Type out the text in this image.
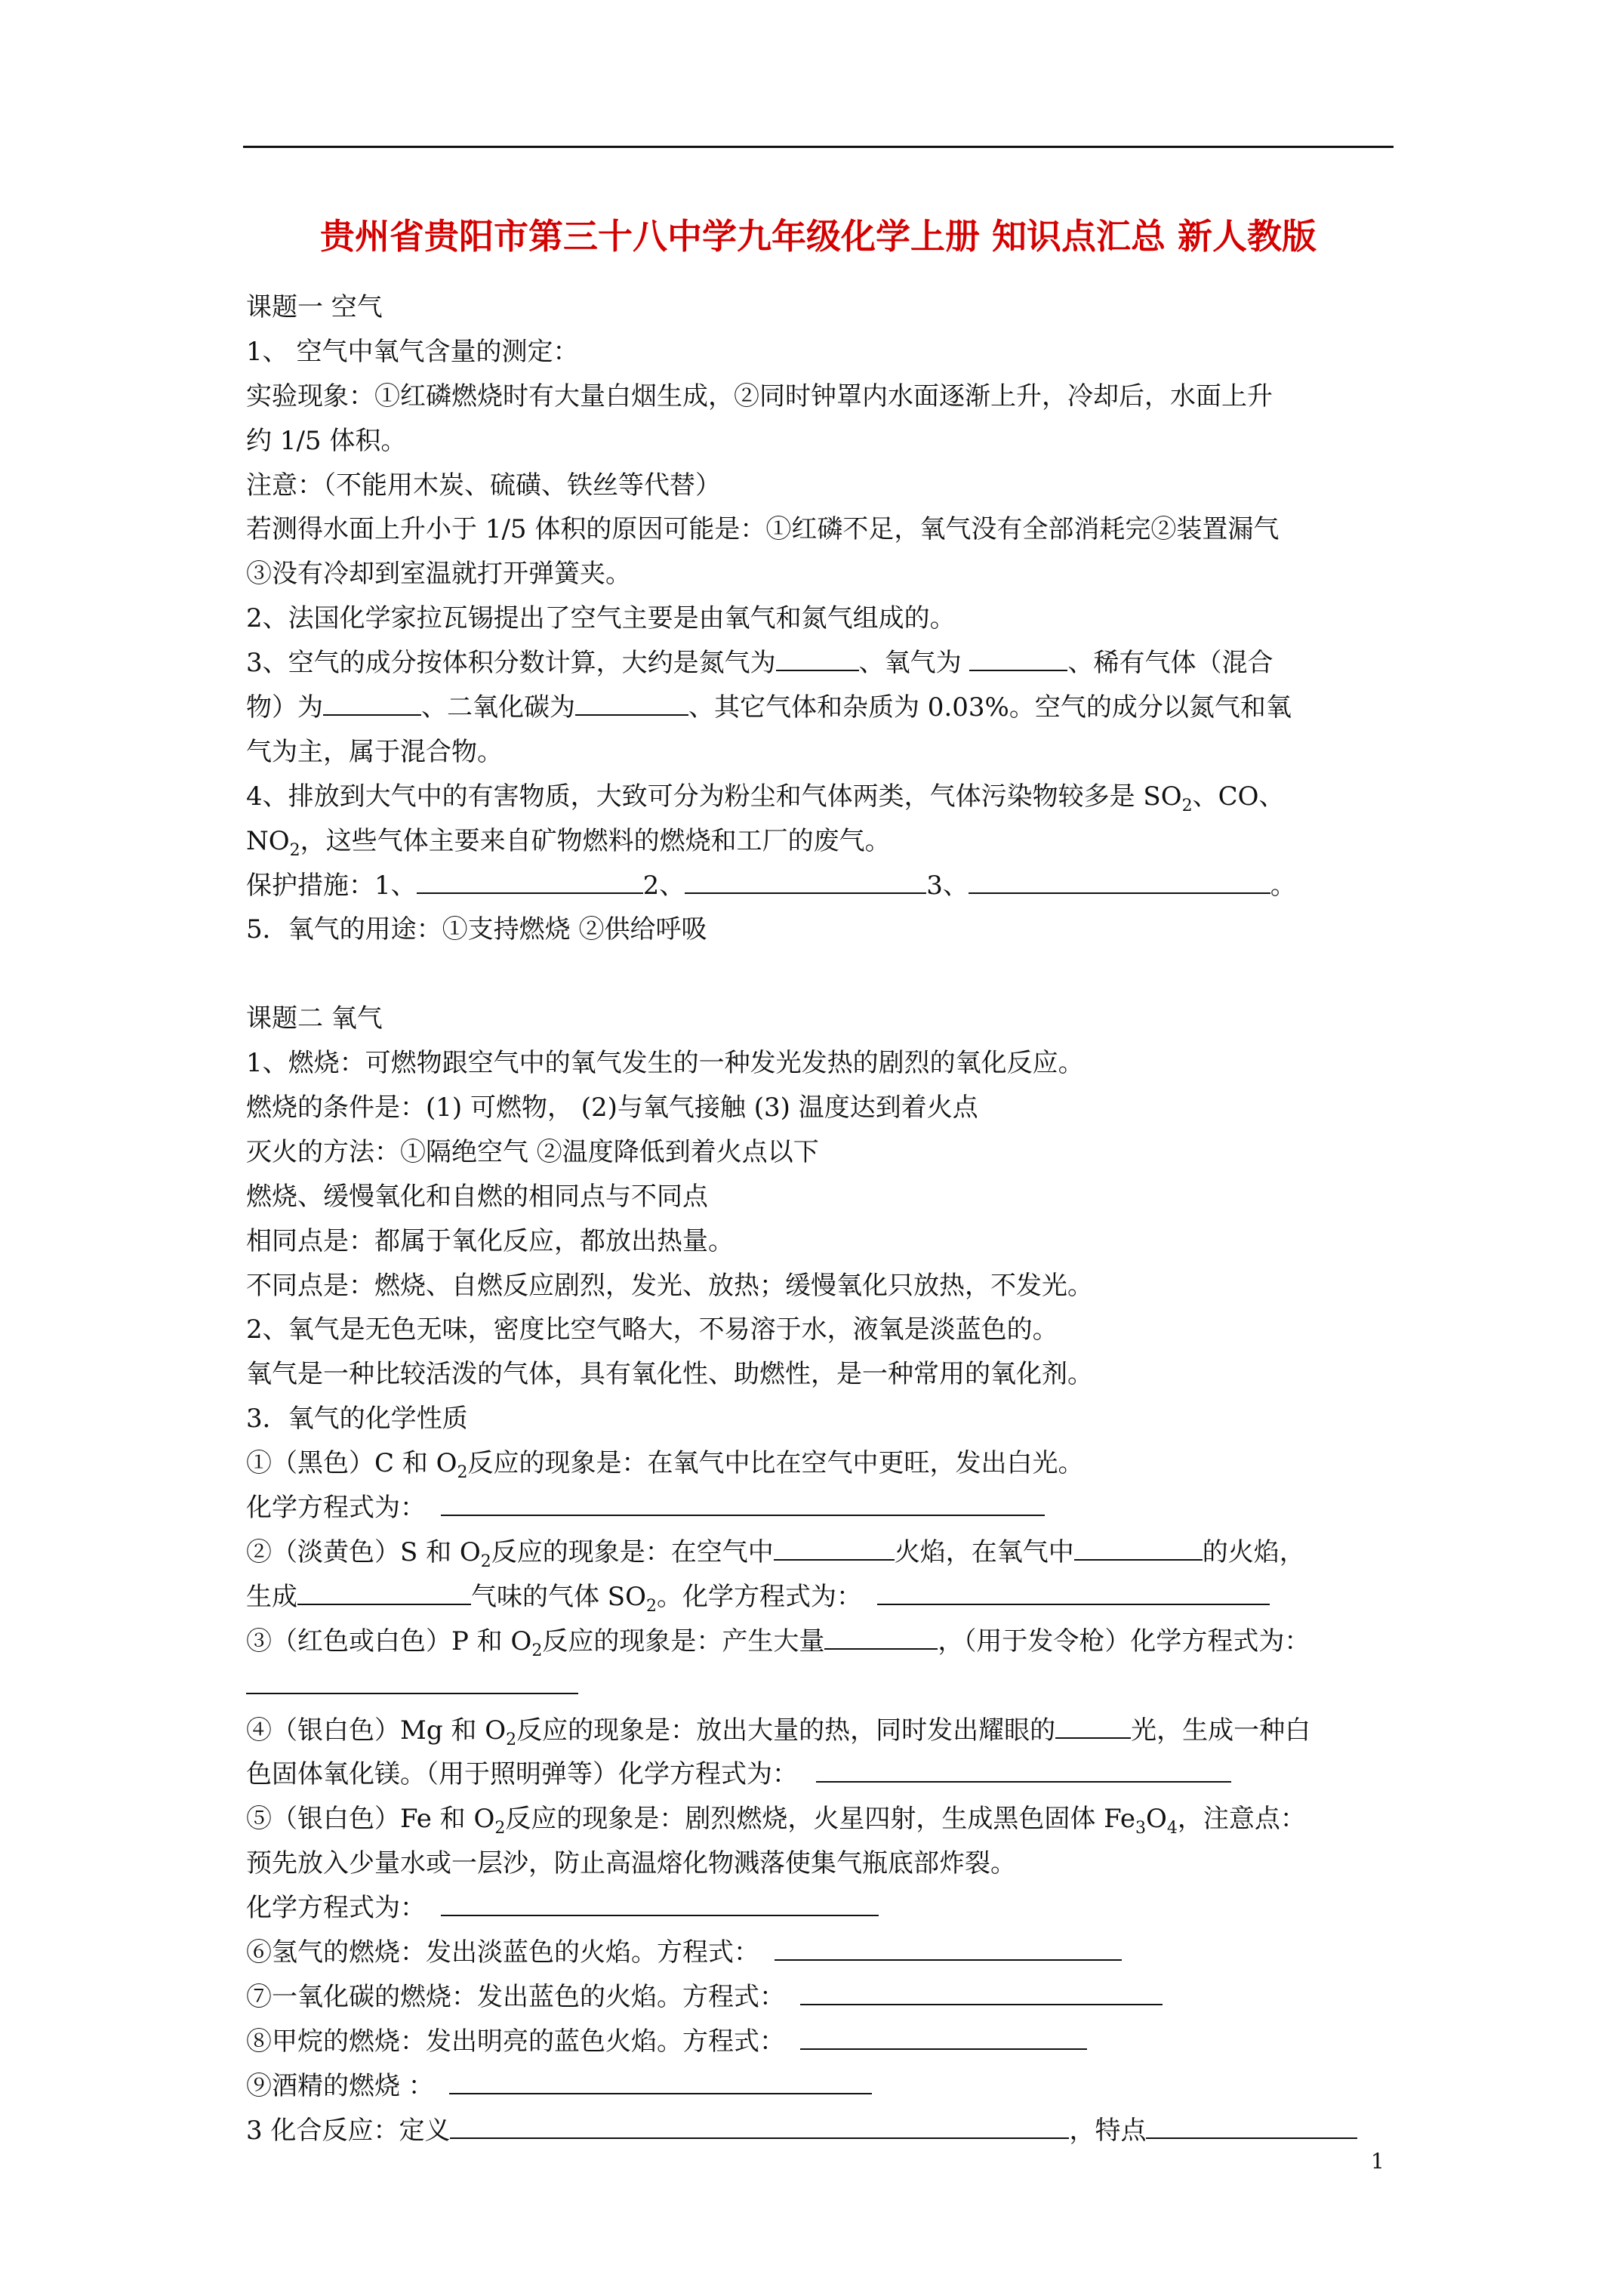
贵州省贵阳市第三十八中学九年级化学上册 知识点汇总 新人教版
课题一 空气
1、 空气中氧气含量的测定：
实验现象：①红磷燃烧时有大量白烟生成，②同时钟罩内水面逐渐上升，冷却后，水面上升
约 1/5 体积。
注意：（不能用木炭、硫磺、铁丝等代替）
若测得水面上升小于 1/5 体积的原因可能是：①红磷不足，氧气没有全部消耗完②装置漏气
③没有冷却到室温就打开弹簧夹。
2、法国化学家拉瓦锡提出了空气主要是由氧气和氮气组成的。
3、空气的成分按体积分数计算，大约是氮气为	、氧气为	、稀有气体（混合
物）为	、二氧化碳为	、其它气体和杂质为 0.03%。空气的成分以氮气和氧
气为主，属于混合物。
4、排放到大气中的有害物质，大致可分为粉尘和气体两类，气体污染物较多是 $SO_2$、CO、
$NO_2$，这些气体主要来自矿物燃料的燃烧和工厂的废气。
保护措施：1、	2、	3、	。
5．氧气的用途：①支持燃烧 ②供给呼吸
课题二 氧气
1、燃烧：可燃物跟空气中的氧气发生的一种发光发热的剧烈的氧化反应。
燃烧的条件是：(1) 可燃物， (2)与氧气接触 (3) 温度达到着火点
灭火的方法：①隔绝空气 ②温度降低到着火点以下
燃烧、缓慢氧化和自燃的相同点与不同点
相同点是：都属于氧化反应，都放出热量。
不同点是：燃烧、自燃反应剧烈，发光、放热；缓慢氧化只放热，不发光。
2、氧气是无色无味，密度比空气略大，不易溶于水，液氧是淡蓝色的。
氧气是一种比较活泼的气体，具有氧化性、助燃性，是一种常用的氧化剂。
3．氧气的化学性质
①（黑色）C 和 $O_2$反应的现象是：在氧气中比在空气中更旺，发出白光。
化学方程式为：
②（淡黄色）S 和 $O_2$反应的现象是：在空气中	火焰，在氧气中	的火焰，
生成	气味的气体 $SO_2$。化学方程式为：
③（红色或白色）P 和 $O_2$反应的现象是：产生大量	，（用于发令枪）化学方程式为：
④（银白色）Mg 和 $O_2$反应的现象是：放出大量的热，同时发出耀眼的	光，生成一种白
色固体氧化镁。（用于照明弹等）化学方程式为：
⑤（银白色）Fe 和 $O_2$反应的现象是：剧烈燃烧，火星四射，生成黑色固体 $Fe_3O_4$，注意点：
预先放入少量水或一层沙，防止高温熔化物溅落使集气瓶底部炸裂。
化学方程式为：
⑥氢气的燃烧：发出淡蓝色的火焰。方程式：
⑦一氧化碳的燃烧：发出蓝色的火焰。方程式：
⑧甲烷的燃烧：发出明亮的蓝色火焰。方程式：
⑨酒精的燃烧 ：
3 化合反应：定义	，特点
1
